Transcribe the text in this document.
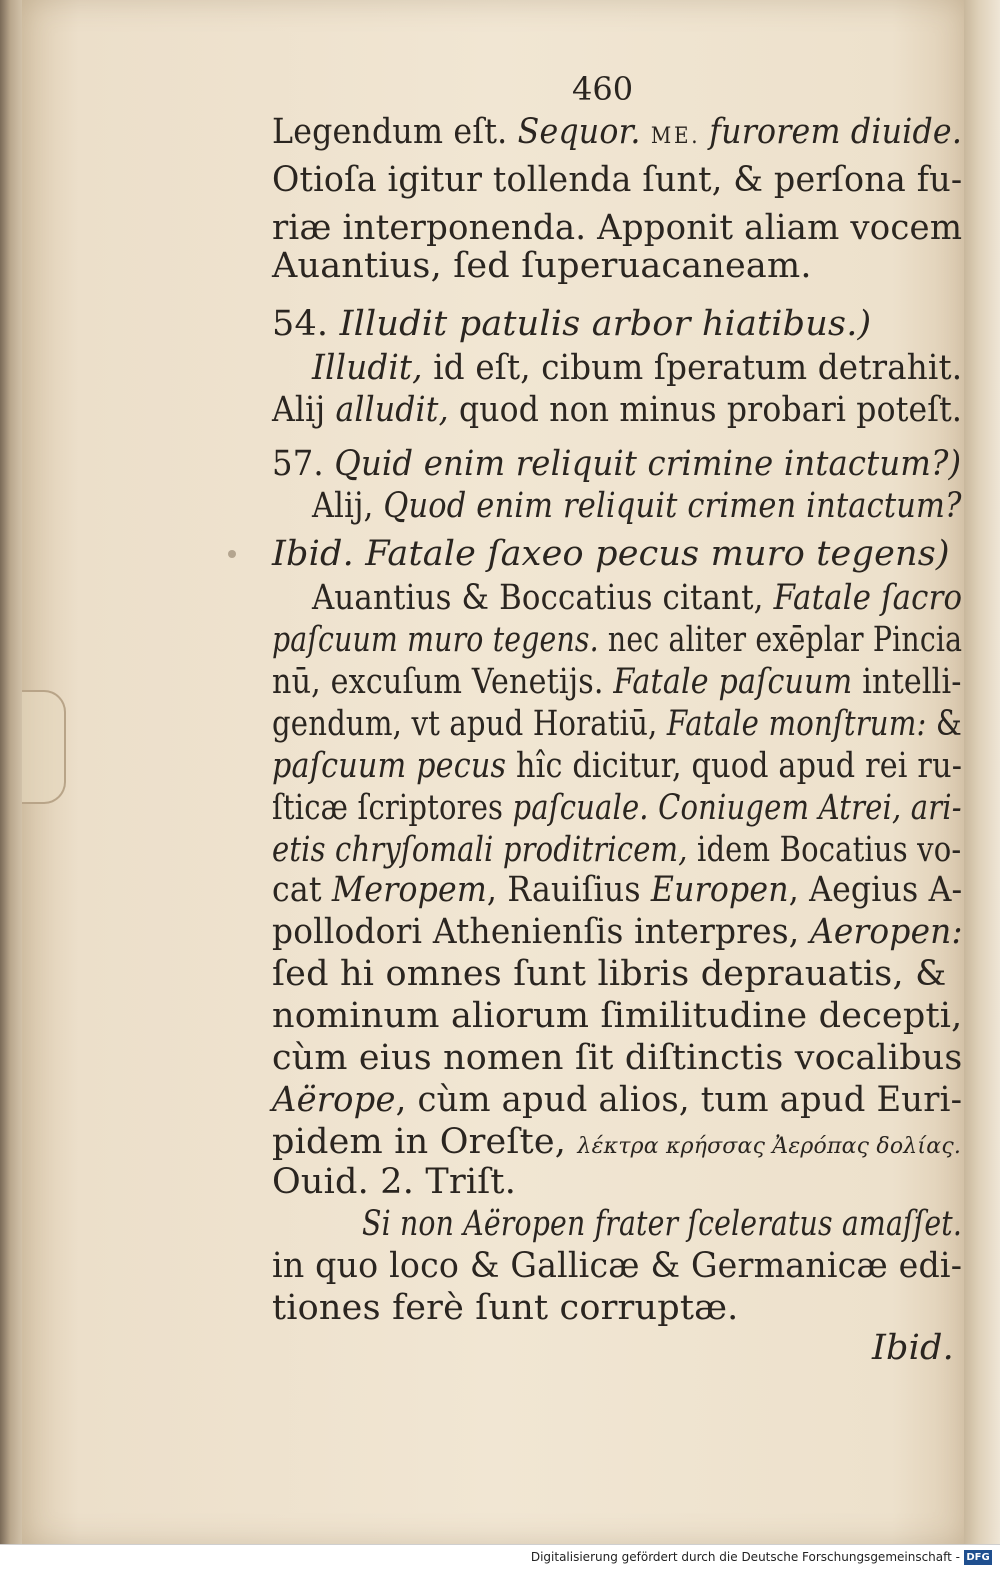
460
Legendum eſt. Sequor. ME. furorem diuide.
Otioſa igitur tollenda ſunt, & perſona fu-
riæ interponenda. Apponit aliam vocem
Auantius, ſed ſuperuacaneam.
54. Illudit patulis arbor hiatibus.)
Illudit, id eſt, cibum ſperatum detrahit.
Alij alludit, quod non minus probari poteſt.
57. Quid enim reliquit crimine intactum?)
Alij, Quod enim reliquit crimen intactum?
Ibid. Fatale ſaxeo pecus muro tegens)
Auantius & Boccatius citant, Fatale ſacro
paſcuum muro tegens. nec aliter exēplar Pincia
nū, excuſum Venetijs. Fatale paſcuum intelli-
gendum, vt apud Horatiū, Fatale monſtrum: &
paſcuum pecus hîc dicitur, quod apud rei ru-
ſticæ ſcriptores paſcuale. Coniugem Atrei, ari-
etis chryſomali proditricem, idem Bocatius vo-
cat Meropem, Rauiſius Europen, Aegius A-
pollodori Athenienſis interpres, Aeropen:
ſed hi omnes ſunt libris deprauatis, &
nominum aliorum ſimilitudine decepti,
cùm eius nomen ſit diſtinctis vocalibus
Aërope, cùm apud alios, tum apud Euri-
pidem in Oreſte, λέκτρα κρήσσας Ἀερόπας δολίας.
Ouid. 2. Triſt.
Si non Aëropen frater ſceleratus amaſſet.
in quo loco & Gallicæ & Germanicæ edi-
tiones ferè ſunt corruptæ.
Ibid.
Digitalisierung gefördert durch die Deutsche Forschungsgemeinschaft - DFG
